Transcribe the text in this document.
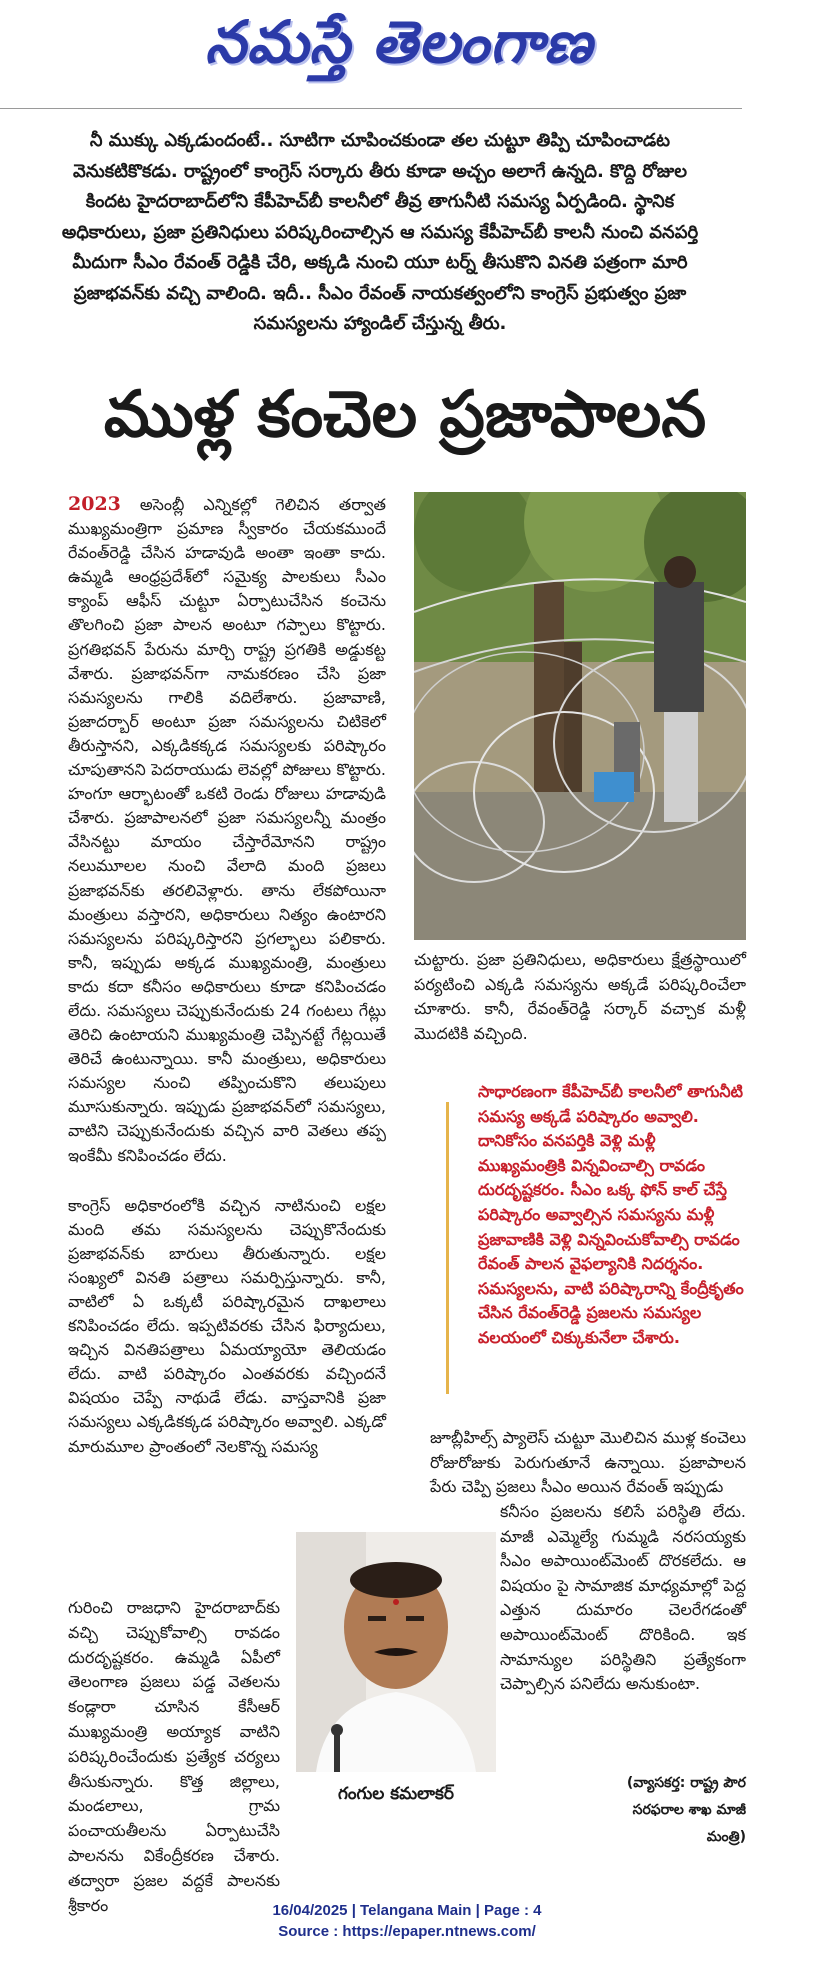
నమస్తే తెలంగాణ
నీ ముక్కు ఎక్కడుందంటే.. సూటిగా చూపించకుండా తల చుట్టూ తిప్పి చూపించాడట వెనుకటికొకడు. రాష్ట్రంలో కాంగ్రెస్ సర్కారు తీరు కూడా అచ్చం అలాగే ఉన్నది. కొద్ది రోజుల కిందట హైదరాబాద్‌లోని కేపీహెచ్‌బీ కాలనీలో తీవ్ర తాగునీటి సమస్య ఏర్పడింది. స్థానిక అధికారులు, ప్రజా ప్రతినిధులు పరిష్కరించాల్సిన ఆ సమస్య కేపీహెచ్‌బీ కాలనీ నుంచి వనపర్తి మీదుగా సీఎం రేవంత్ రెడ్డికి చేరి, అక్కడి నుంచి యూ టర్న్ తీసుకొని వినతి పత్రంగా మారి ప్రజాభవన్‌కు వచ్చి వాలింది. ఇదీ.. సీఎం రేవంత్ నాయకత్వంలోని కాంగ్రెస్ ప్రభుత్వం ప్రజా సమస్యలను హ్యాండిల్ చేస్తున్న తీరు.
ముళ్ల కంచెల ప్రజాపాలన

2023 అసెంబ్లీ ఎన్నికల్లో గెలిచిన తర్వాత ముఖ్యమంత్రిగా ప్రమాణ స్వీకారం చేయకముందే రేవంత్‌రెడ్డి చేసిన హడావుడి అంతా ఇంతా కాదు. ఉమ్మడి ఆంధ్రప్రదేశ్‌లో సమైక్య పాలకులు సీఎం క్యాంప్ ఆఫీస్ చుట్టూ ఏర్పాటుచేసిన కంచెను తొలగించి ప్రజా పాలన అంటూ గప్పాలు కొట్టారు. ప్రగతిభవన్ పేరును మార్చి రాష్ట్ర ప్రగతికి అడ్డుకట్ట వేశారు. ప్రజాభవన్‌గా నామకరణం చేసి ప్రజా సమస్యలను గాలికి వదిలేశారు. ప్రజావాణి, ప్రజాదర్బార్ అంటూ ప్రజా సమస్యలను చిటికెలో తీరుస్తానని, ఎక్కడికక్కడ సమస్యలకు పరిష్కారం చూపుతానని పెదరాయుడు లెవల్లో పోజులు కొట్టారు. హంగూ ఆర్భాటంతో ఒకటి రెండు రోజులు హడావుడి చేశారు. ప్రజాపాలనలో ప్రజా సమస్యలన్నీ మంత్రం వేసినట్టు మాయం చేస్తారేమోనని రాష్ట్రం నలుమూలల నుంచి వేలాది మంది ప్రజలు ప్రజాభవన్‌కు తరలివెళ్లారు. తాను లేకపోయినా మంత్రులు వస్తారని, అధికారులు నిత్యం ఉంటారని సమస్యలను పరిష్కరిస్తారని ప్రగల్భాలు పలికారు. కానీ, ఇప్పుడు అక్కడ ముఖ్యమంత్రి, మంత్రులు కాదు కదా కనీసం అధికారులు కూడా కనిపించడం లేదు. సమస్యలు చెప్పుకునేందుకు 24 గంటలు గేట్లు తెరిచి ఉంటాయని ముఖ్యమంత్రి చెప్పినట్టే గేట్లయితే తెరిచే ఉంటున్నాయి. కానీ మంత్రులు, అధికారులు సమస్యల నుంచి తప్పించుకొని తలుపులు మూసుకున్నారు. ఇప్పుడు ప్రజాభవన్‌లో సమస్యలు, వాటిని చెప్పుకునేందుకు వచ్చిన వారి వెతలు తప్ప ఇంకేమీ కనిపించడం లేదు.

కాంగ్రెస్ అధికారంలోకి వచ్చిన నాటినుంచి లక్షల మంది తమ సమస్యలను చెప్పుకొనేందుకు ప్రజాభవన్‌కు బారులు తీరుతున్నారు. లక్షల సంఖ్యలో వినతి పత్రాలు సమర్పిస్తున్నారు. కానీ, వాటిలో ఏ ఒక్కటీ పరిష్కారమైన దాఖలాలు కనిపించడం లేదు. ఇప్పటివరకు చేసిన ఫిర్యాదులు, ఇచ్చిన వినతిపత్రాలు ఏమయ్యాయో తెలియడం లేదు. వాటి పరిష్కారం ఎంతవరకు వచ్చిందనే విషయం చెప్పే నాథుడే లేడు. వాస్తవానికి ప్రజా సమస్యలు ఎక్కడికక్కడ పరిష్కారం అవ్వాలి. ఎక్కడో మారుమూల ప్రాంతంలో నెలకొన్న సమస్య

చుట్టారు. ప్రజా ప్రతినిధులు, అధికారులు క్షేత్రస్థాయిలో పర్యటించి ఎక్కడి సమస్యను అక్కడే పరిష్కరించేలా చూశారు. కానీ, రేవంత్‌రెడ్డి సర్కార్ వచ్చాక మళ్లీ మొదటికి వచ్చింది.
సాధారణంగా కేపీహెచ్‌బీ కాలనీలో తాగునీటి సమస్య అక్కడే పరిష్కారం అవ్వాలి. దానికోసం వనపర్తికి వెళ్లి మళ్లీ ముఖ్యమంత్రికి విన్నవించాల్సి రావడం దురదృష్టకరం. సీఎం ఒక్క ఫోన్ కాల్ చేస్తే పరిష్కారం అవ్వాల్సిన సమస్యను మళ్లీ ప్రజావాణికి వెళ్లి విన్నవించుకోవాల్సి రావడం రేవంత్ పాలన వైఫల్యానికి నిదర్శనం. సమస్యలను, వాటి పరిష్కారాన్ని కేంద్రీకృతం చేసిన రేవంత్‌రెడ్డి ప్రజలను సమస్యల వలయంలో చిక్కుకునేలా చేశారు.
జూబ్లీహిల్స్ ప్యాలెస్ చుట్టూ మొలిచిన ముళ్ల కంచెలు రోజురోజుకు పెరుగుతూనే ఉన్నాయి. ప్రజాపాలన పేరు చెప్పి ప్రజలు సీఎం అయిన రేవంత్ ఇప్పుడు
గురించి రాజధాని హైదరాబాద్‌కు వచ్చి చెప్పుకోవాల్సి రావడం దురదృష్టకరం. ఉమ్మడి ఏపీలో తెలంగాణ ప్రజలు పడ్డ వెతలను కండ్లారా చూసిన కేసీఆర్ ముఖ్యమంత్రి అయ్యాక వాటిని పరిష్కరించేందుకు ప్రత్యేక చర్యలు తీసుకున్నారు. కొత్త జిల్లాలు, మండలాలు, గ్రామ పంచాయతీలను ఏర్పాటుచేసి పాలనను వికేంద్రీకరణ చేశారు. తద్వారా ప్రజల వద్దకే పాలనకు శ్రీకారం
గంగుల కమలాకర్
కనీసం ప్రజలను కలిసే పరిస్థితి లేదు. మాజీ ఎమ్మెల్యే గుమ్మడి నరసయ్యకు సీఎం అపాయింట్‌మెంట్ దొరకలేదు. ఆ విషయం పై సామాజిక మాధ్యమాల్లో పెద్ద ఎత్తున దుమారం చెలరేగడంతో అపాయింట్‌మెంట్ దొరికింది. ఇక సామాన్యుల పరిస్థితిని ప్రత్యేకంగా చెప్పాల్సిన పనిలేదు అనుకుంటా.
(వ్యాసకర్త: రాష్ట్ర పౌర
సరఫరాల శాఖ మాజీ మంత్రి)
16/04/2025 | Telangana Main | Page : 4
Source : https://epaper.ntnews.com/
